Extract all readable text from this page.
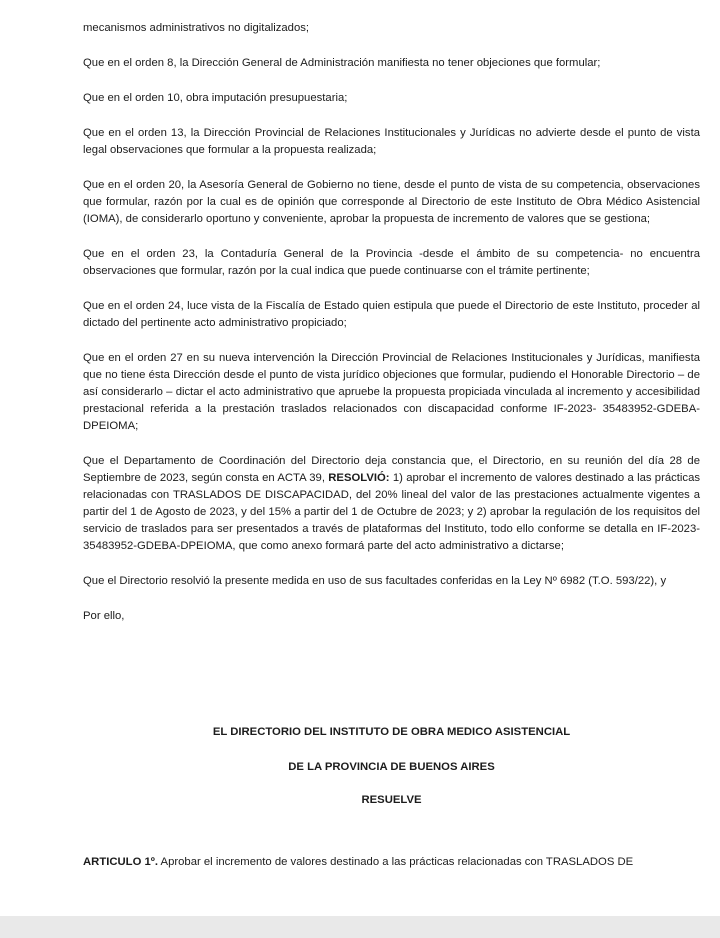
mecanismos administrativos no digitalizados;

Que en el orden 8, la Dirección General de Administración manifiesta no tener objeciones que formular;

Que en el orden 10, obra imputación presupuestaria;

Que en el orden 13, la Dirección Provincial de Relaciones Institucionales y Jurídicas no advierte desde el punto de vista legal observaciones que formular a la propuesta realizada;

Que en el orden 20, la Asesoría General de Gobierno no tiene, desde el punto de vista de su competencia, observaciones que formular, razón por la cual es de opinión que corresponde al Directorio de este Instituto de Obra Médico Asistencial (IOMA), de considerarlo oportuno y conveniente, aprobar la propuesta de incremento de valores que se gestiona;

Que en el orden 23, la Contaduría General de la Provincia -desde el ámbito de su competencia- no encuentra observaciones que formular, razón por la cual indica que puede continuarse con el trámite pertinente;

Que en el orden 24, luce vista de la Fiscalía de Estado quien estipula que puede el Directorio de este Instituto, proceder al dictado del pertinente acto administrativo propiciado;

Que en el orden 27 en su nueva intervención la Dirección Provincial de Relaciones Institucionales y Jurídicas, manifiesta que no tiene ésta Dirección desde el punto de vista jurídico objeciones que formular, pudiendo el Honorable Directorio – de así considerarlo – dictar el acto administrativo que apruebe la propuesta propiciada vinculada al incremento y accesibilidad prestacional referida a la prestación traslados relacionados con discapacidad conforme IF-2023- 35483952-GDEBA-DPEIOMA;

Que el Departamento de Coordinación del Directorio deja constancia que, el Directorio, en su reunión del día 28 de Septiembre de 2023, según consta en ACTA 39, RESOLVIÓ: 1) aprobar el incremento de valores destinado a las prácticas relacionadas con TRASLADOS DE DISCAPACIDAD, del 20% lineal del valor de las prestaciones actualmente vigentes a partir del 1 de Agosto de 2023, y del 15% a partir del 1 de Octubre de 2023; y 2) aprobar la regulación de los requisitos del servicio de traslados para ser presentados a través de plataformas del Instituto, todo ello conforme se detalla en IF-2023- 35483952-GDEBA-DPEIOMA, que como anexo formará parte del acto administrativo a dictarse;

Que el Directorio resolvió la presente medida en uso de sus facultades conferidas en la Ley Nº 6982 (T.O. 593/22), y

Por ello,

EL DIRECTORIO DEL INSTITUTO DE OBRA MEDICO ASISTENCIAL

DE LA PROVINCIA DE BUENOS AIRES

RESUELVE

ARTICULO 1º. Aprobar el incremento de valores destinado a las prácticas relacionadas con TRASLADOS DE
